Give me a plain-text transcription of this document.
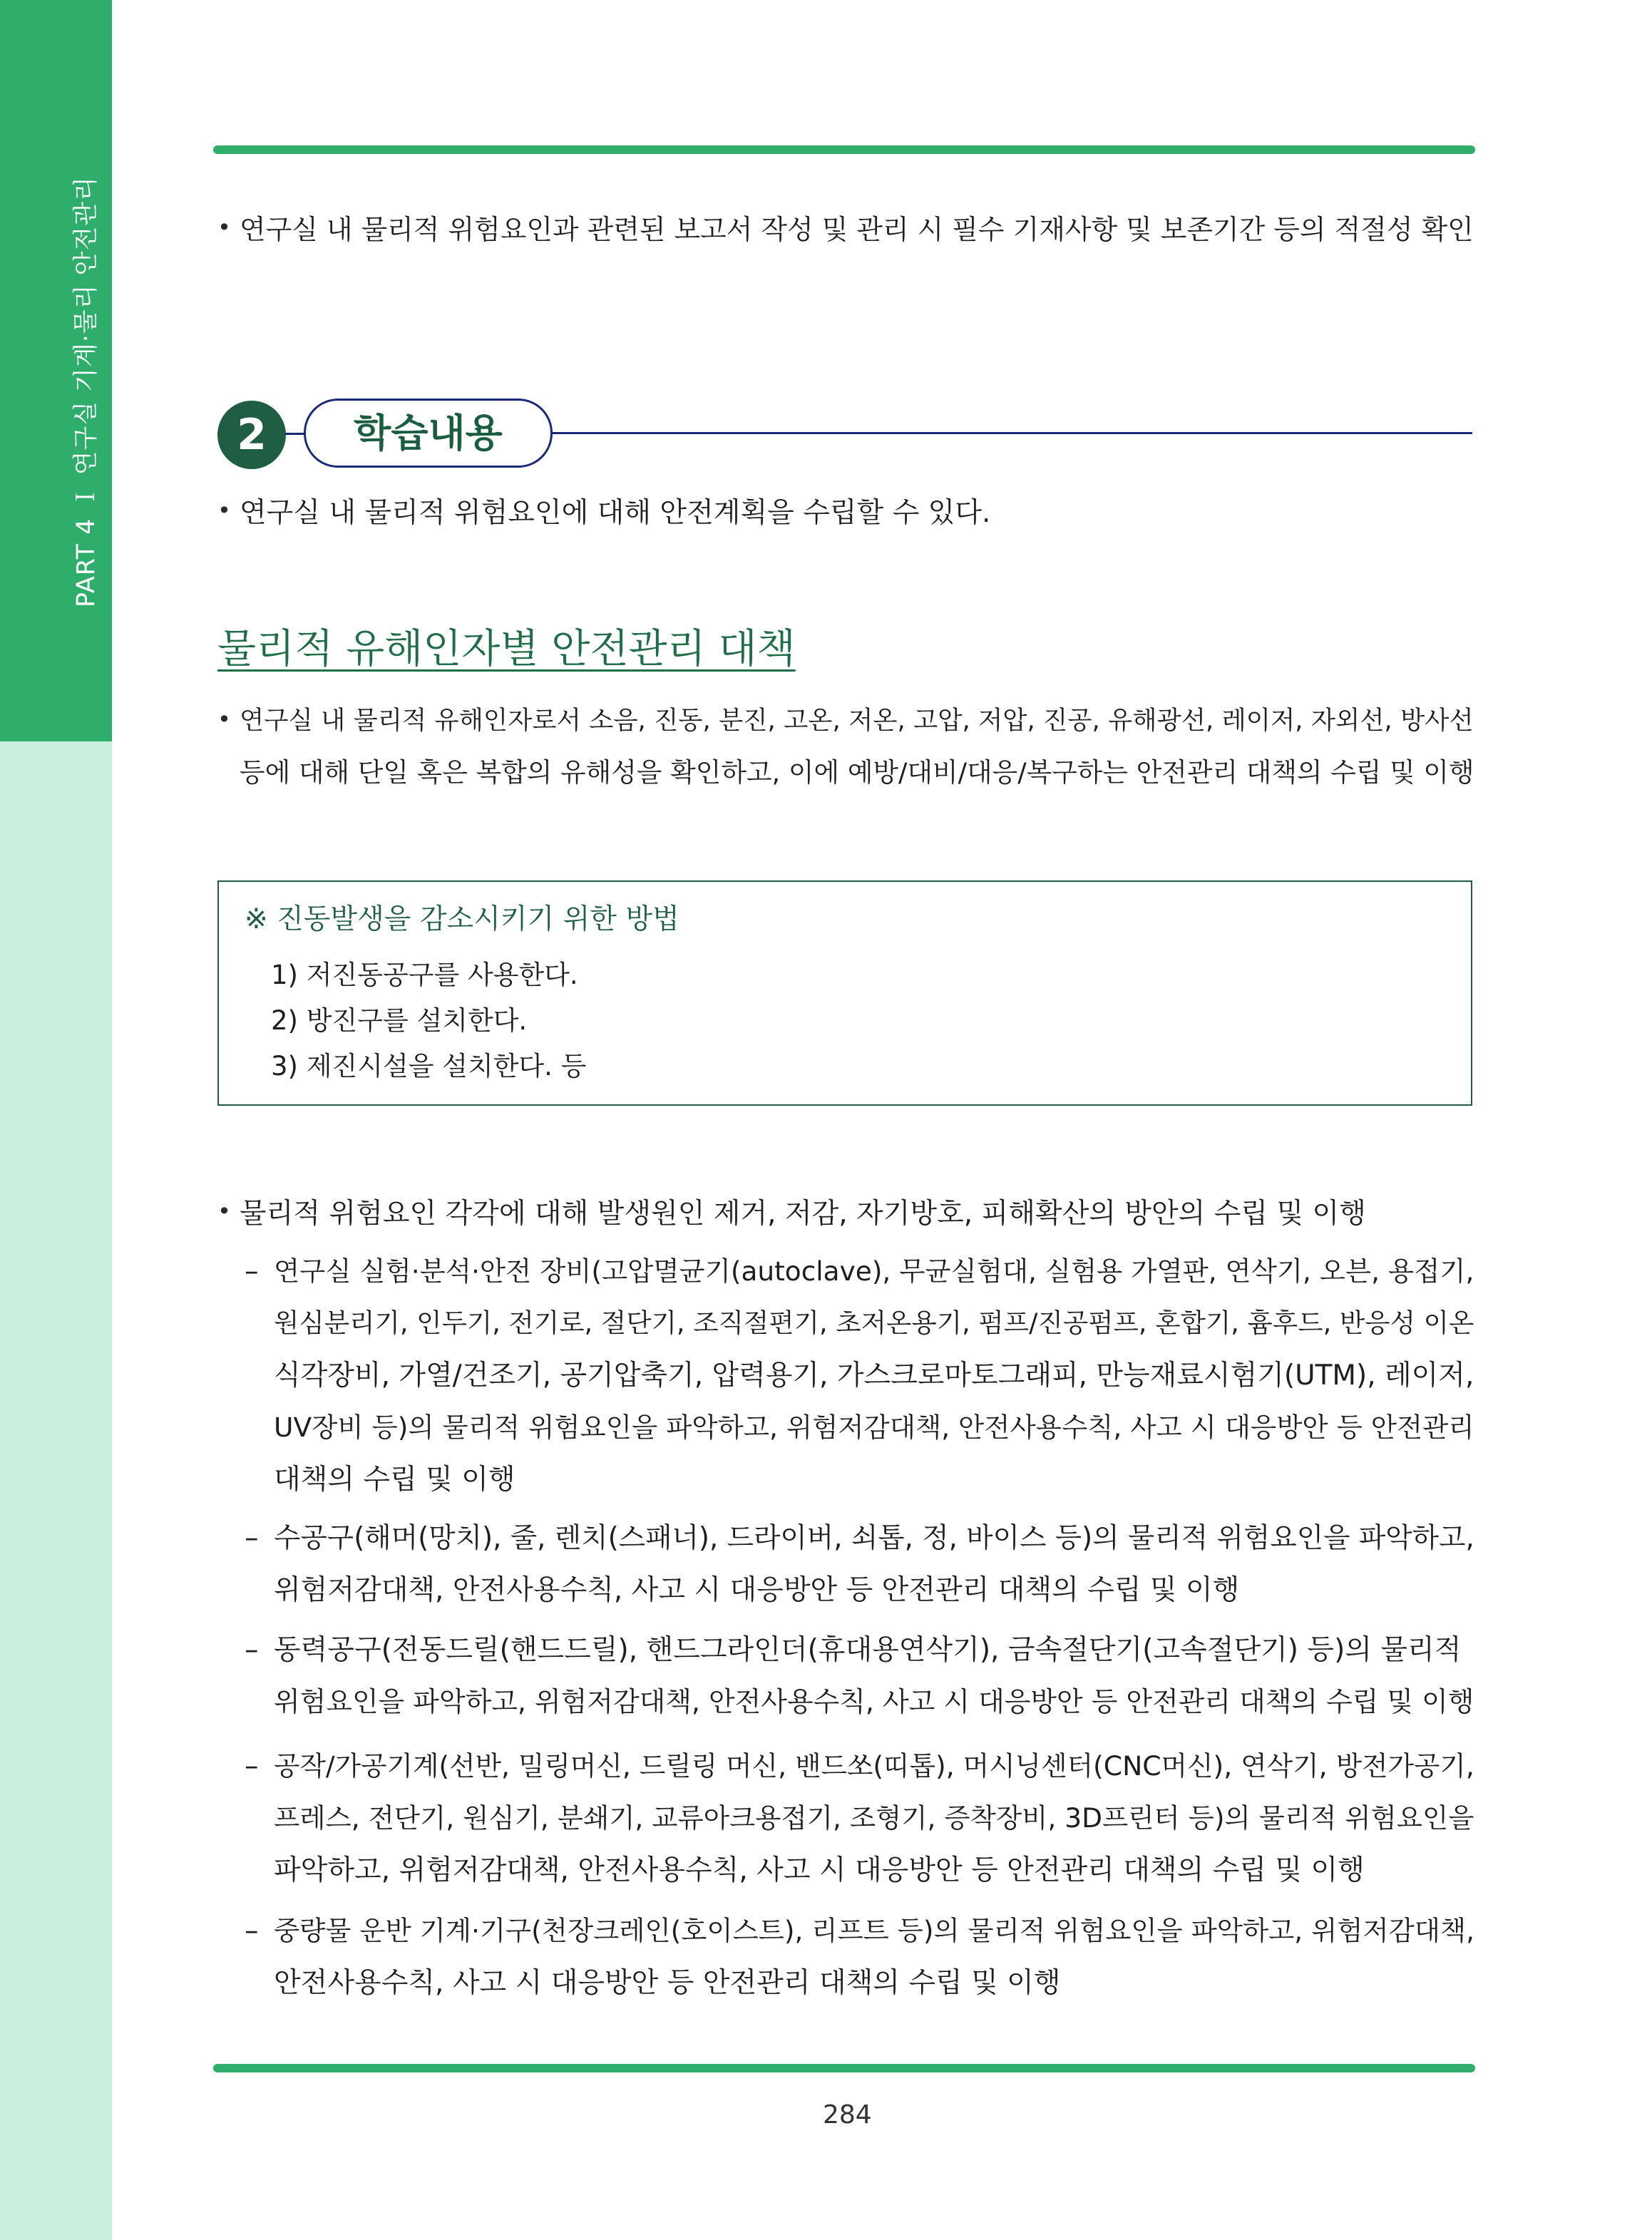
PART 4 Ｉ 연구실 기계·물리 안전관리	• 연구실 내 물리적 위험요인과 관련된 보고서 작성 및 관리 시 필수 기재사항 및 보존기간 등의 적절성 확인
2	학습내용
• 연구실 내 물리적 위험요인에 대해 안전계획을 수립할 수 있다.
물리적 유해인자별 안전관리 대책
• 연구실 내 물리적 유해인자로서 소음, 진동, 분진, 고온, 저온, 고압, 저압, 진공, 유해광선, 레이저, 자외선, 방사선
등에 대해 단일 혹은 복합의 유해성을 확인하고, 이에 예방/대비/대응/복구하는 안전관리 대책의 수립 및 이행
※ 진동발생을 감소시키기 위한 방법
1) 저진동공구를 사용한다.
2) 방진구를 설치한다.
3) 제진시설을 설치한다. 등
• 물리적 위험요인 각각에 대해 발생원인 제거, 저감, 자기방호, 피해확산의 방안의 수립 및 이행
– 연구실 실험·분석·안전 장비(고압멸균기(autoclave), 무균실험대, 실험용 가열판, 연삭기, 오븐, 용접기,
원심분리기, 인두기, 전기로, 절단기, 조직절편기, 초저온용기, 펌프/진공펌프, 혼합기, 흄후드, 반응성 이온
식각장비, 가열/건조기, 공기압축기, 압력용기, 가스크로마토그래피, 만능재료시험기(UTM), 레이저,
UV장비 등)의 물리적 위험요인을 파악하고, 위험저감대책, 안전사용수칙, 사고 시 대응방안 등 안전관리
대책의 수립 및 이행
– 수공구(해머(망치), 줄, 렌치(스패너), 드라이버, 쇠톱, 정, 바이스 등)의 물리적 위험요인을 파악하고,
위험저감대책, 안전사용수칙, 사고 시 대응방안 등 안전관리 대책의 수립 및 이행
– 동력공구(전동드릴(핸드드릴), 핸드그라인더(휴대용연삭기), 금속절단기(고속절단기) 등)의 물리적
위험요인을 파악하고, 위험저감대책, 안전사용수칙, 사고 시 대응방안 등 안전관리 대책의 수립 및 이행
– 공작/가공기계(선반, 밀링머신, 드릴링 머신, 밴드쏘(띠톱), 머시닝센터(CNC머신), 연삭기, 방전가공기,
프레스, 전단기, 원심기, 분쇄기, 교류아크용접기, 조형기, 증착장비, 3D프린터 등)의 물리적 위험요인을
파악하고, 위험저감대책, 안전사용수칙, 사고 시 대응방안 등 안전관리 대책의 수립 및 이행
– 중량물 운반 기계·기구(천장크레인(호이스트), 리프트 등)의 물리적 위험요인을 파악하고, 위험저감대책,
안전사용수칙, 사고 시 대응방안 등 안전관리 대책의 수립 및 이행
284
